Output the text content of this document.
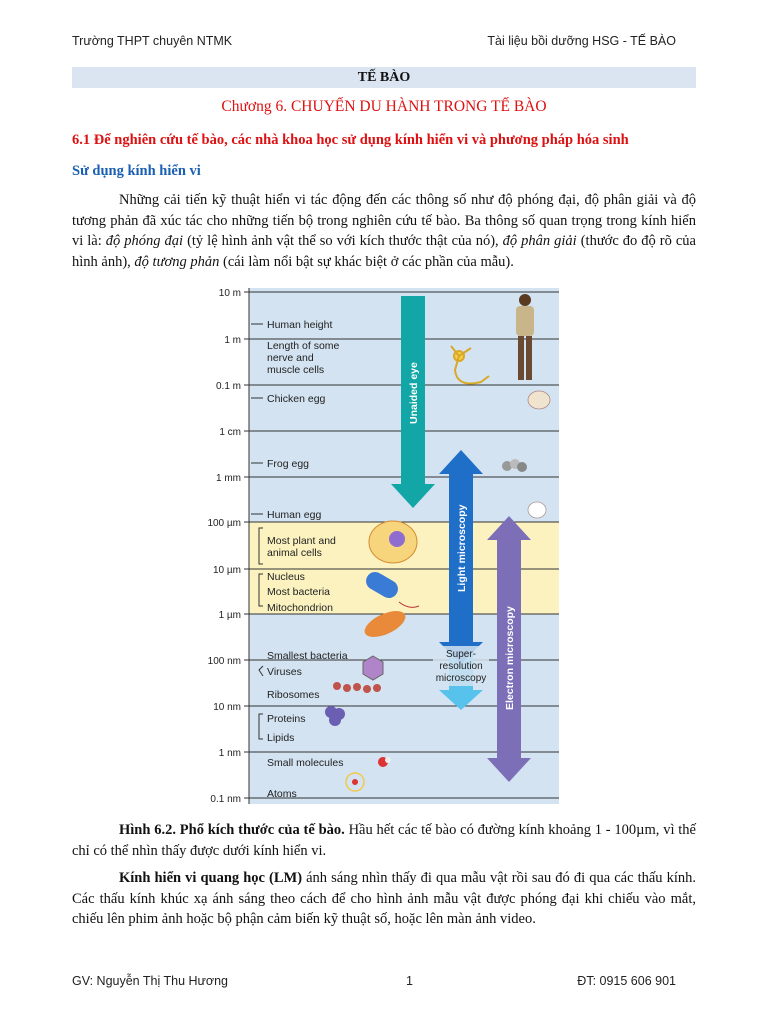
Trường THPT chuyên NTMK	Tài liệu bồi dưỡng HSG - TẾ BÀO
TẾ BÀO
Chương 6. CHUYẾN DU HÀNH TRONG TẾ BÀO
6.1 Để nghiên cứu tế bào, các nhà khoa học sử dụng kính hiển vi và phương pháp hóa sinh
Sử dụng kính hiển vi
Những cải tiến kỹ thuật hiển vi tác động đến các thông số như độ phóng đại, độ phân giải và độ tương phản đã xúc tác cho những tiến bộ trong nghiên cứu tế bào. Ba thông số quan trọng trong kính hiển vi là: độ phóng đại (tỷ lệ hình ảnh vật thể so với kích thước thật của nó), độ phân giải (thước đo độ rõ của hình ảnh), độ tương phản (cái làm nổi bật sự khác biệt ở các phần của mẫu).
10 m
1 m
0.1 m
1 cm
1 mm
100 µm
10 µm
1 µm
100 nm
10 nm
1 nm
0.1 nm
Human height
Length of some
nerve and
muscle cells
Chicken egg
Frog egg
Human egg
Most plant and
animal cells
Nucleus
Most bacteria
Mitochondrion
Smallest bacteria
Viruses
Ribosomes
Proteins
Lipids
Small molecules
Atoms
Unaided eye
Light microscopy
Electron microscopy
Super-
resolution
microscopy
Hình 6.2. Phổ kích thước của tế bào. Hầu hết các tế bào có đường kính khoảng 1 - 100µm, vì thế chỉ có thể nhìn thấy được dưới kính hiển vi.
Kính hiển vi quang học (LM) ánh sáng nhìn thấy đi qua mẫu vật rồi sau đó đi qua các thấu kính. Các thấu kính khúc xạ ánh sáng theo cách để cho hình ảnh mẫu vật được phóng đại khi chiếu vào mắt, chiếu lên phim ảnh hoặc bộ phận cảm biến kỹ thuật số, hoặc lên màn ảnh video.
GV: Nguyễn Thị Thu Hương	1	ĐT: 0915 606 901
